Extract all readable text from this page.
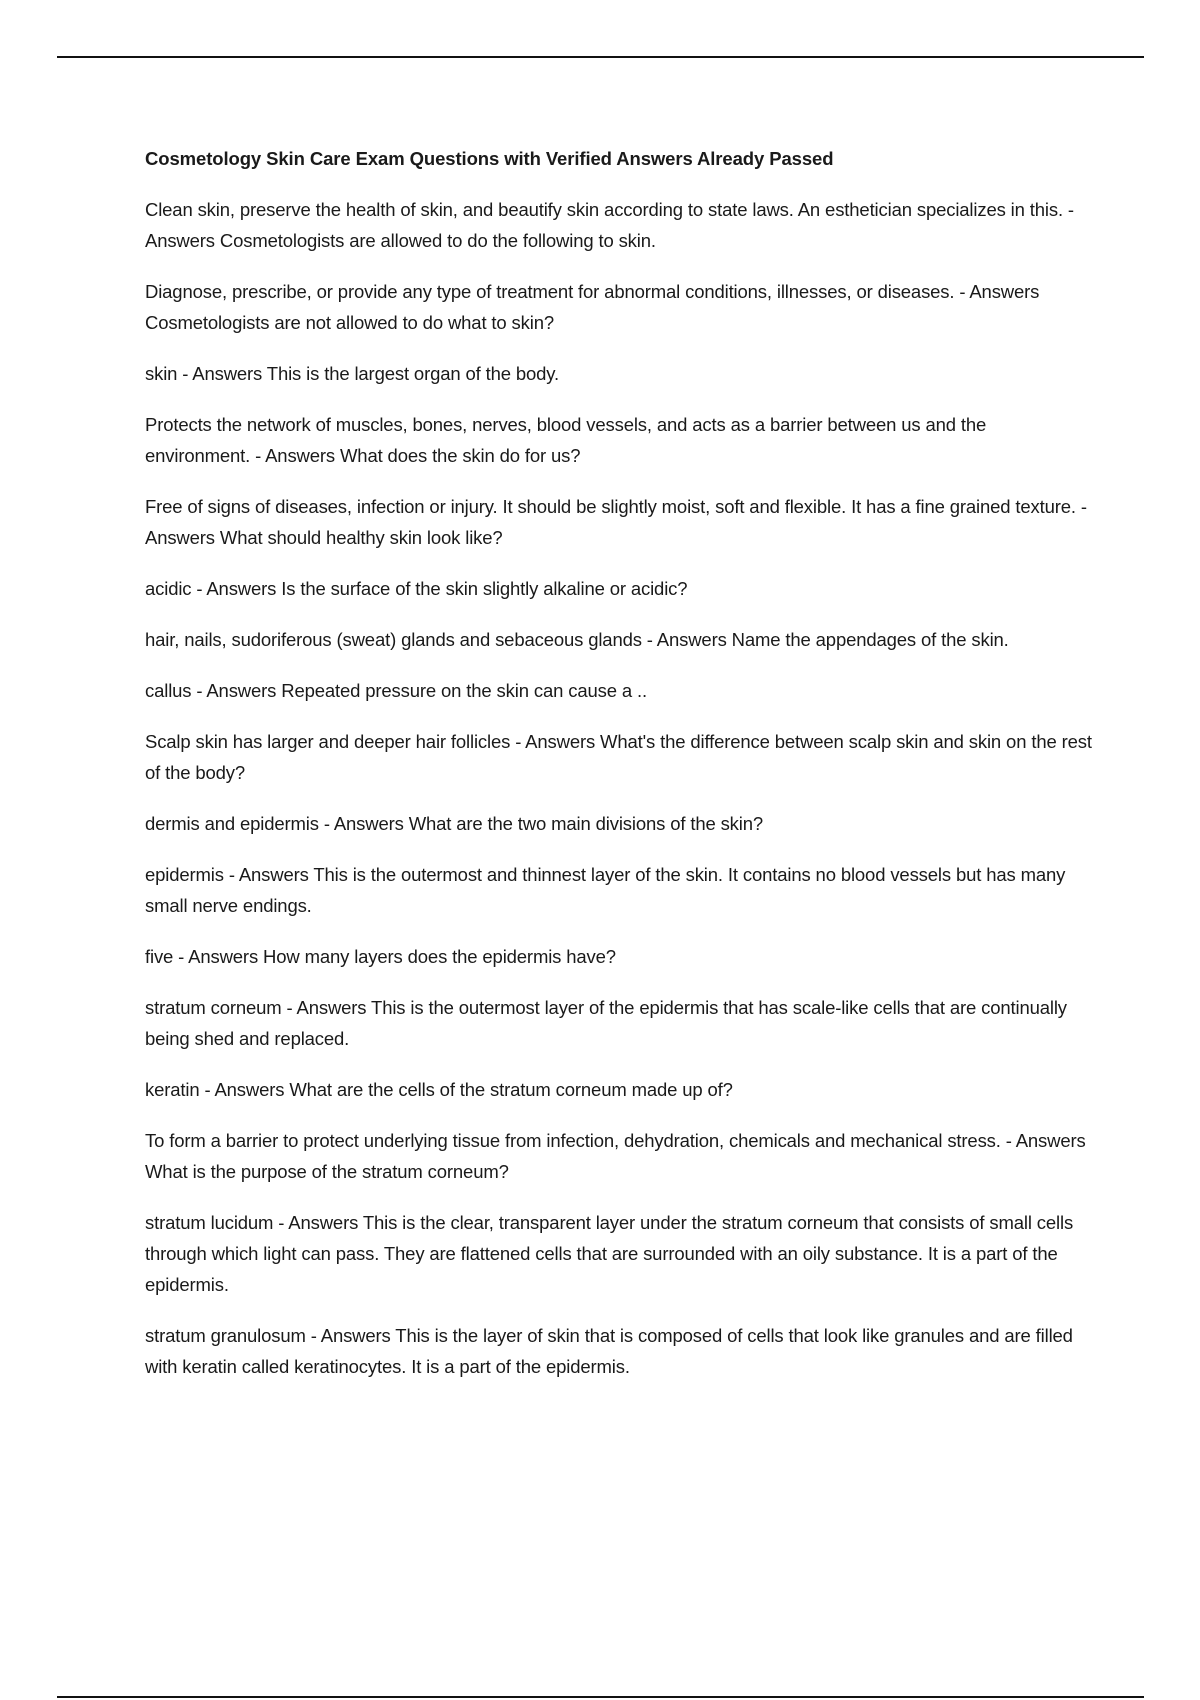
Cosmetology Skin Care Exam Questions with Verified Answers Already Passed

Clean skin, preserve the health of skin, and beautify skin according to state laws. An esthetician specializes in this. - Answers Cosmetologists are allowed to do the following to skin.

Diagnose, prescribe, or provide any type of treatment for abnormal conditions, illnesses, or diseases. - Answers Cosmetologists are not allowed to do what to skin?

skin - Answers This is the largest organ of the body.

Protects the network of muscles, bones, nerves, blood vessels, and acts as a barrier between us and the environment. - Answers What does the skin do for us?

Free of signs of diseases, infection or injury. It should be slightly moist, soft and flexible. It has a fine grained texture. - Answers What should healthy skin look like?

acidic - Answers Is the surface of the skin slightly alkaline or acidic?

hair, nails, sudoriferous (sweat) glands and sebaceous glands - Answers Name the appendages of the skin.

callus - Answers Repeated pressure on the skin can cause a ..

Scalp skin has larger and deeper hair follicles - Answers What's the difference between scalp skin and skin on the rest of the body?

dermis and epidermis - Answers What are the two main divisions of the skin?

epidermis - Answers This is the outermost and thinnest layer of the skin. It contains no blood vessels but has many small nerve endings.

five - Answers How many layers does the epidermis have?

stratum corneum - Answers This is the outermost layer of the epidermis that has scale-like cells that are continually being shed and replaced.

keratin - Answers What are the cells of the stratum corneum made up of?

To form a barrier to protect underlying tissue from infection, dehydration, chemicals and mechanical stress. - Answers What is the purpose of the stratum corneum?

stratum lucidum - Answers This is the clear, transparent layer under the stratum corneum that consists of small cells through which light can pass. They are flattened cells that are surrounded with an oily substance. It is a part of the epidermis.

stratum granulosum - Answers This is the layer of skin that is composed of cells that look like granules and are filled with keratin called keratinocytes. It is a part of the epidermis.
